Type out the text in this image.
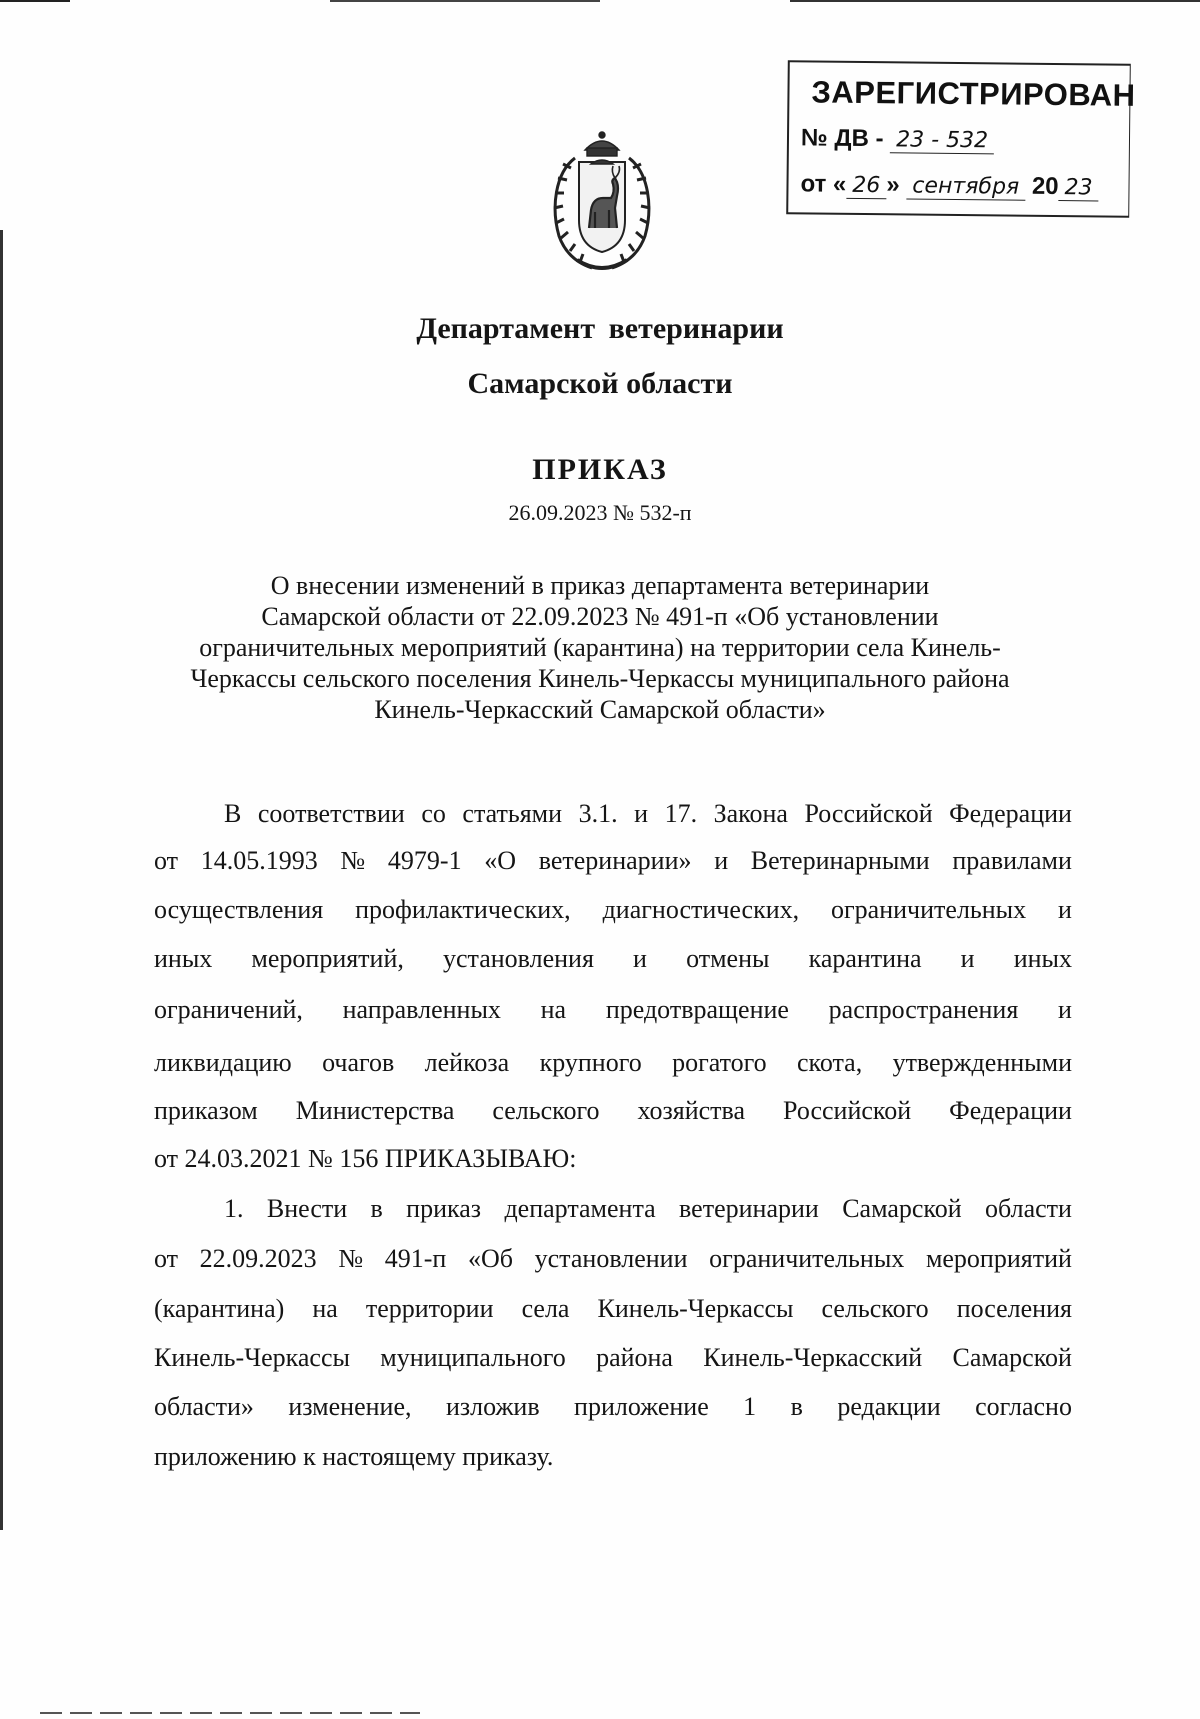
ЗАРЕГИСТРИРОВАН
№ ДВ - 23 - 532
от « 26 » сентября 20 23

Департамент ветеринарии

Самарской области

ПРИКАЗ

26.09.2023 № 532-п

О внесении изменений в приказ департамента ветеринарии
Самарской области от 22.09.2023 № 491-п «Об установлении
ограничительных мероприятий (карантина) на территории села Кинель-
Черкассы сельского поселения Кинель-Черкассы муниципального района
Кинель-Черкасский Самарской области»
В соответствии со статьями 3.1. и 17. Закона Российской Федерации
от 14.05.1993 № 4979-1 «О ветеринарии» и Ветеринарными правилами
осуществления профилактических, диагностических, ограничительных и
иных мероприятий, установления и отмены карантина и иных
ограничений, направленных на предотвращение распространения и
ликвидацию очагов лейкоза крупного рогатого скота, утвержденными
приказом Министерства сельского хозяйства Российской Федерации
от 24.03.2021 № 156 ПРИКАЗЫВАЮ:
1. Внести в приказ департамента ветеринарии Самарской области
от 22.09.2023 № 491-п «Об установлении ограничительных мероприятий
(карантина) на территории села Кинель-Черкассы сельского поселения
Кинель-Черкассы муниципального района Кинель-Черкасский Самарской
области» изменение, изложив приложение 1 в редакции согласно
приложению к настоящему приказу.
